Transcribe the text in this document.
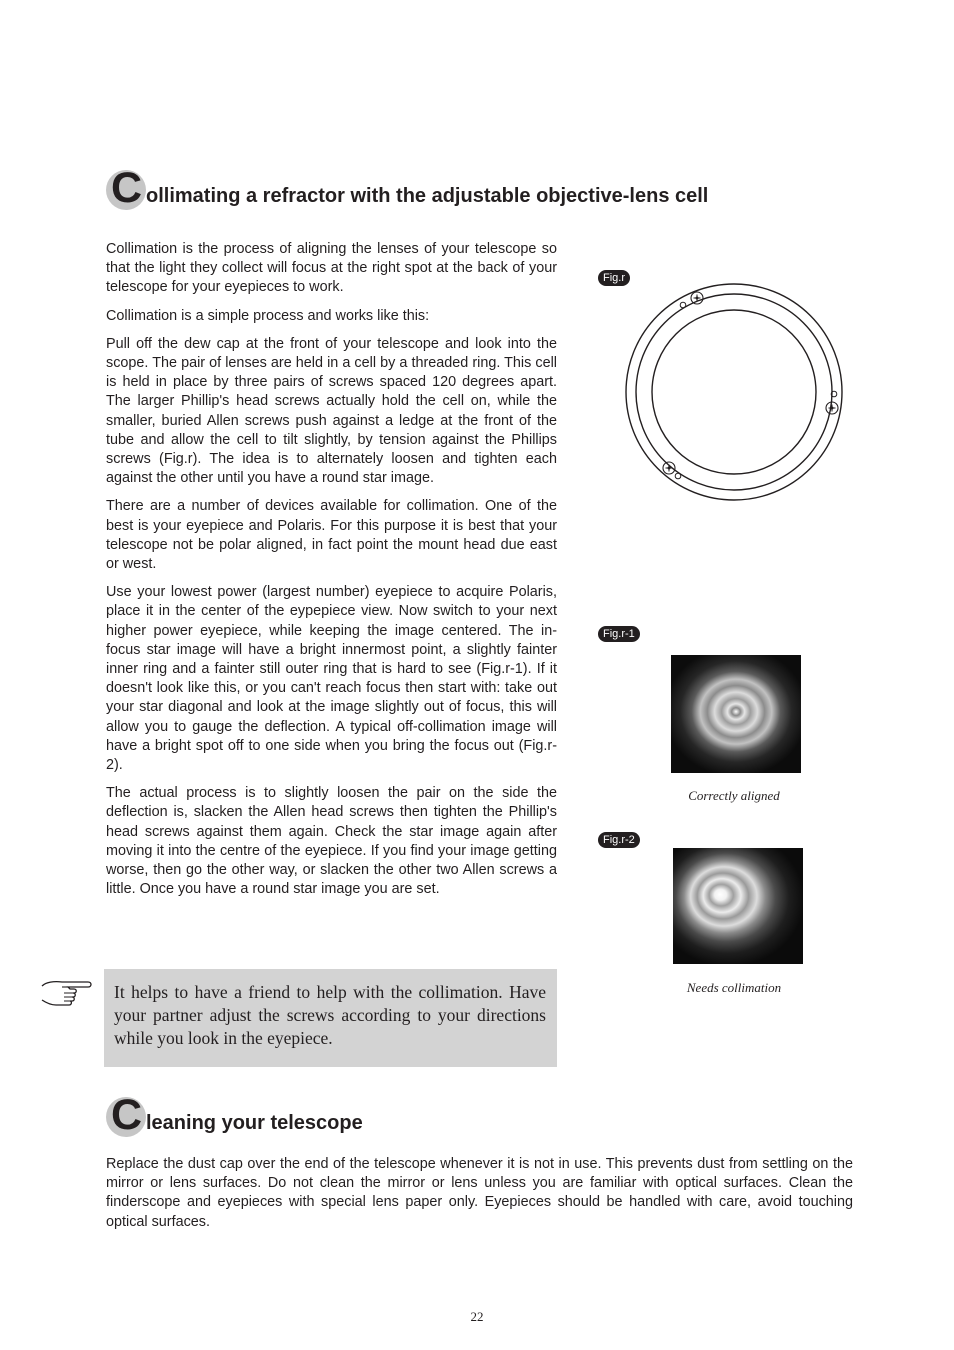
C ollimating a refractor with the adjustable objective-lens cell

Collimation is the process of aligning the lenses of your telescope so that the light they collect will focus at the right spot at the back of your telescope for your eyepieces to work.

Collimation is a simple process and works like this:

Pull off the dew cap at the front of your telescope and look into the scope. The pair of lenses are held in a cell by a threaded ring. This cell is held in place by three pairs of screws spaced 120 degrees apart. The larger Phillip's head screws actually hold the cell on, while the smaller, buried Allen screws push against a ledge at the front of the tube and allow the cell to tilt slightly, by tension against the Phillips screws (Fig.r). The idea is to alternately loosen and tighten each against the other until you have a round star image.

There are a number of devices available for collimation. One of the best is your eyepiece and Polaris. For this purpose it is best that your telescope not be polar aligned, in fact point the mount head due east or west.

Use your lowest power (largest number) eyepiece to acquire Polaris, place it in the center of the eypepiece view. Now switch to your next higher power eyepiece, while keeping the image centered. The in-focus star image will have a bright innermost point, a slightly fainter inner ring and a fainter still outer ring that is hard to see (Fig.r-1). If it doesn't look like this, or you can't reach focus then start with: take out your star diagonal and look at the image slightly out of focus, this will allow you to gauge the deflection. A typical off-collimation image will have a bright spot off to one side when you bring the focus out (Fig.r-2).

The actual process is to slightly loosen the pair on the side the deflection is, slacken the Allen head screws then tighten the Phillip's head screws against them again. Check the star image again after moving it into the centre of the eyepiece. If you find your image getting worse, then go the other way, or slacken the other two Allen screws a little. Once you have a round star image you are set.

It helps to have a friend to help with the collimation. Have your partner adjust the screws according to your directions while you look in the eyepiece.
Fig.r
Fig.r-1
Correctly aligned
Fig.r-2
Needs collimation
C leaning your telescope

Replace the dust cap over the end of the telescope whenever it is not in use. This prevents dust from settling on the mirror or lens surfaces. Do not clean the mirror or lens unless you are familiar with optical surfaces. Clean the finderscope and eyepieces with special lens paper only. Eyepieces should be handled with care, avoid touching optical surfaces.

22
